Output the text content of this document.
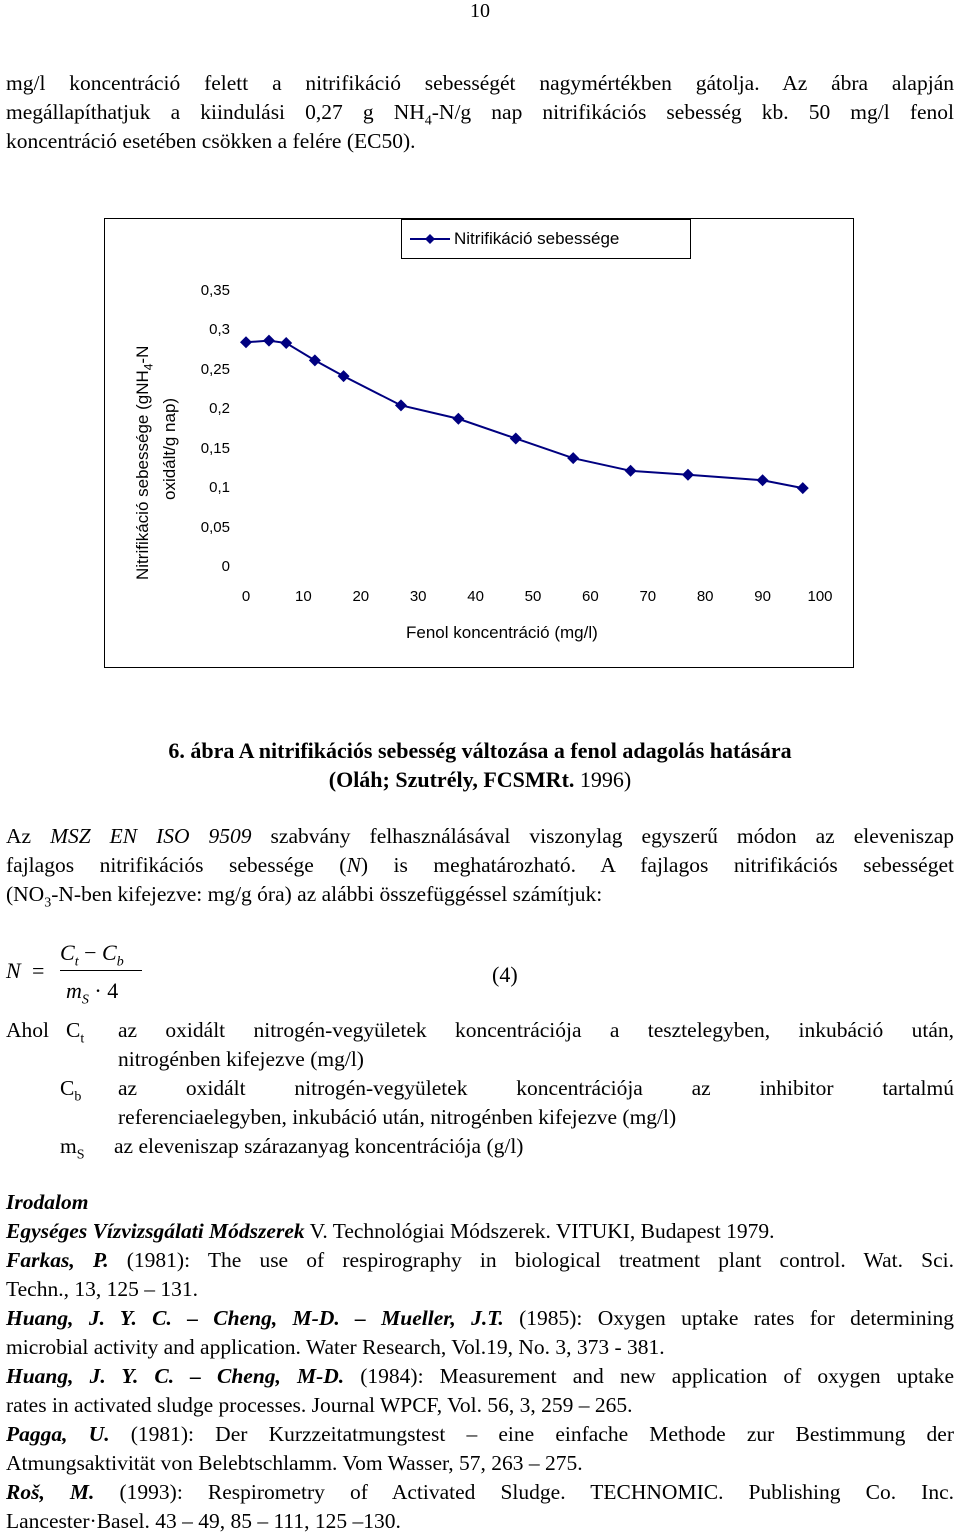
10
mg/l koncentráció felett a nitrifikáció sebességét nagymértékben gátolja. Az ábra alapján
megállapíthatjuk a kiindulási 0,27 g $NH_4-N/g$ nap nitrifikációs sebesség kb. 50 mg/l fenol
koncentráció esetében csökken a felére (EC50).
Nitrifikáció sebessége
Nitrifikáció sebessége (gNH$_4$-N
oxidált/g nap)
0
0,05
0,1
0,15
0,2
0,25
0,3
0,35
0	10	20	30	40	50	60	70	80	90	100
Fenol koncentráció (mg/l)
6. ábra A nitrifikációs sebesség változása a fenol adagolás hatására
(Oláh; Szutrély, FCSMRt. 1996)
Az MSZ EN ISO 9509 szabvány felhasználásával viszonylag egyszerű módon az eleveniszap
fajlagos nitrifikációs sebessége (N) is meghatározható. A fajlagos nitrifikációs sebességet
($NO_3-N$-ben kifejezve: mg/g óra) az alábbi összefüggéssel számítjuk:
N =
$C_t - C_b$
$m_S \cdot 4$
(4)
Ahol $C_t$ az oxidált nitrogén-vegyületek koncentrációja a tesztelegyben, inkubáció után,
nitrogénben kifejezve (mg/l)
$C_b$ az oxidált nitrogén-vegyületek koncentrációja az inhibitor tartalmú
referenciaelegyben, inkubáció után, nitrogénben kifejezve (mg/l)
$m_S$ az eleveniszap szárazanyag koncentrációja (g/l)
Irodalom
Egységes Vízvizsgálati Módszerek V. Technológiai Módszerek. VITUKI, Budapest 1979.
Farkas, P. (1981): The use of respirography in biological treatment plant control. Wat. Sci.
Techn., 13, 125 – 131.
Huang, J. Y. C. – Cheng, M-D. – Mueller, J.T. (1985): Oxygen uptake rates for determining
microbial activity and application. Water Research, Vol.19, No. 3, 373 - 381.
Huang, J. Y. C. – Cheng, M-D. (1984): Measurement and new application of oxygen uptake
rates in activated sludge processes. Journal WPCF, Vol. 56, 3, 259 – 265.
Pagga, U. (1981): Der Kurzzeitatmungstest – eine einfache Methode zur Bestimmung der
Atmungsaktivität von Belebtschlamm. Vom Wasser, 57, 263 – 275.
Roš, M. (1993): Respirometry of Activated Sludge. TECHNOMIC. Publishing Co. Inc.
Lancester·Basel. 43 – 49, 85 – 111, 125 –130.
